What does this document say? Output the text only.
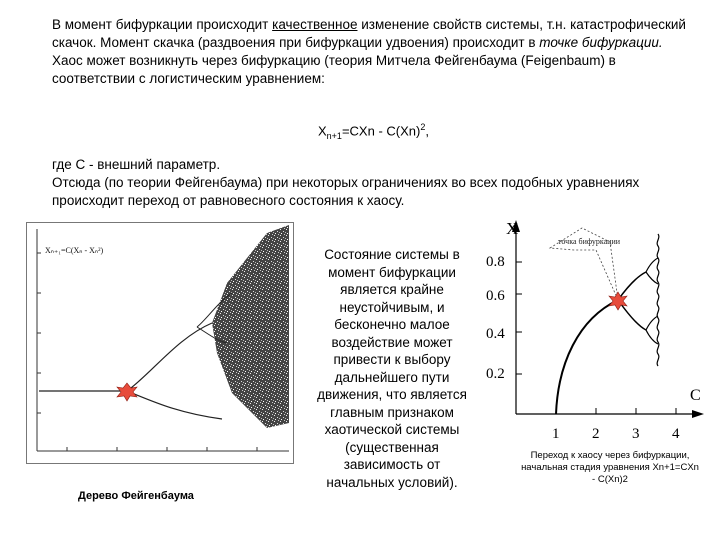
В момент бифуркации происходит качественное изменение свойств системы, т.н. катастрофический скачок. Момент скачка (раздвоения при бифуркации удвоения) происходит в точке бифуркации.
Хаос может возникнуть через бифуркацию (теория Митчела Фейгенбаума (Feigenbaum) в соответствии с логистическим уравнением:
$X_{n+1}=CXn - C(Xn)^2$,
где C - внешний параметр.
Отсюда (по теории Фейгенбаума) при некоторых ограничениях во всех подобных уравнениях происходит переход от равновесного состояния к хаосу.
Xₙ₊₁=C(Xₙ - Xₙ²)
Дерево Фейгенбаума
Состояние системы в момент бифуркации является крайне неустойчивым, и бесконечно малое воздействие может привести к выбору дальнейшего пути движения, что является главным признаком хаотической системы (существенная зависимость от начальных условий).
X
C
0.8
0.6
0.4
0.2
1 2 3 4
точка бифуркации
Переход к хаосу через бифуркации, начальная стадия уравнения Xn+1=CXn - C(Xn)2
